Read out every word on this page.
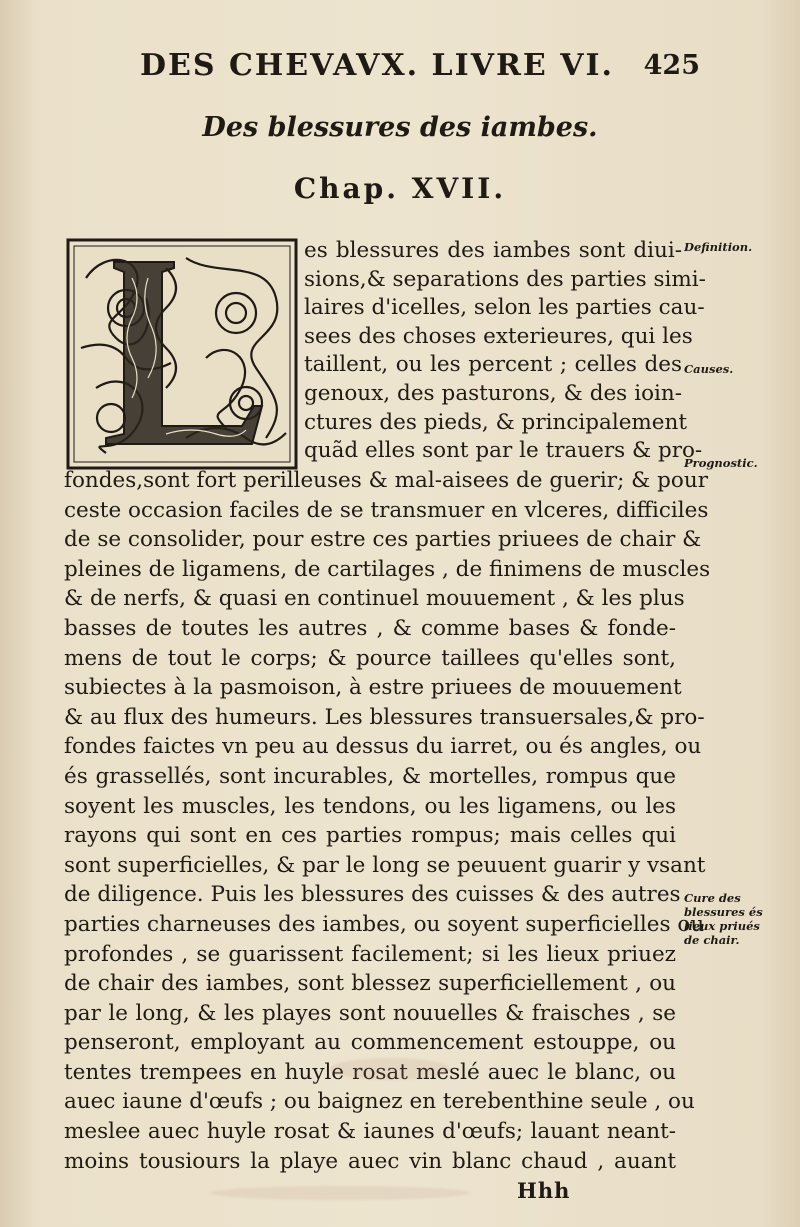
DES CHEVAVX. LIVRE VI. 425
Des blessures des iambes.
Chap. XVII.
es blessures des iambes sont diui-
sions,& separations des parties simi-
laires d'icelles, selon les parties cau-
sees des choses exterieures, qui les
taillent, ou les percent ; celles des
genoux, des pasturons, & des ioin-
ctures des pieds, & principalement
quãd elles sont par le trauers & pro-
fondes,sont fort perilleuses & mal-aisees de guerir; & pour
ceste occasion faciles de se transmuer en vlceres, difficiles
de se consolider, pour estre ces parties priuees de chair &
pleines de ligamens, de cartilages , de finimens de muscles
& de nerfs, & quasi en continuel mouuement , & les plus
basses de toutes les autres , & comme bases & fonde-
mens de tout le corps; & pource taillees qu'elles sont,
subiectes à la pasmoison, à estre priuees de mouuement
& au flux des humeurs. Les blessures transuersales,& pro-
fondes faictes vn peu au dessus du iarret, ou és angles, ou
és grassellés, sont incurables, & mortelles, rompus que
soyent les muscles, les tendons, ou les ligamens, ou les
rayons qui sont en ces parties rompus; mais celles qui
sont superficielles, & par le long se peuuent guarir y vsant
de diligence. Puis les blessures des cuisses & des autres
parties charneuses des iambes, ou soyent superficielles ou
profondes , se guarissent facilement; si les lieux priuez
de chair des iambes, sont blessez superficiellement , ou
par le long, & les playes sont nouuelles & fraisches , se
penseront, employant au commencement estouppe, ou
tentes trempees en huyle rosat meslé auec le blanc, ou
auec iaune d'œufs ; ou baignez en terebenthine seule , ou
meslee auec huyle rosat & iaunes d'œufs; lauant neant-
moins tousiours la playe auec vin blanc chaud , auant
Definition.
Causes.
Prognostic.
Cure des
blessures és
lieux priués
de chair.
Hhh
